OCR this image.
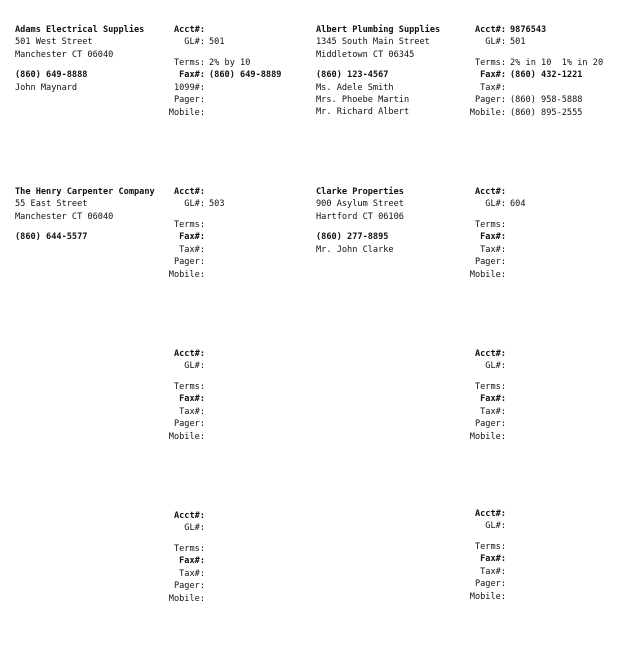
Adams Electrical Supplies
501 West Street
Manchester CT 06040
(860) 649-8888
John Maynard
Acct#:
GL#: 501
Terms: 2% by 10
Fax#: (860) 649-8889
1099#:
Pager:
Mobile:
Albert Plumbing Supplies
1345 South Main Street
Middletown CT 06345
(860) 123-4567
Ms. Adele Smith
Mrs. Phoebe Martin
Mr. Richard Albert
Acct#: 9876543
GL#: 501
Terms: 2% in 10  1% in 20
Fax#: (860) 432-1221
Tax#:
Pager: (860) 958-5888
Mobile: (860) 895-2555
The Henry Carpenter Company
55 East Street
Manchester CT 06040
(860) 644-5577
Acct#:
GL#: 503
Terms:
Fax#:
Tax#:
Pager:
Mobile:
Clarke Properties
900 Asylum Street
Hartford CT 06106
(860) 277-8895
Mr. John Clarke
Acct#:
GL#: 604
Terms:
Fax#:
Tax#:
Pager:
Mobile:
Acct#:
GL#:
Terms:
Fax#:
Tax#:
Pager:
Mobile:
Acct#:
GL#:
Terms:
Fax#:
Tax#:
Pager:
Mobile:
Acct#:
GL#:
Terms:
Fax#:
Tax#:
Pager:
Mobile:
Acct#:
GL#:
Terms:
Fax#:
Tax#:
Pager:
Mobile:
